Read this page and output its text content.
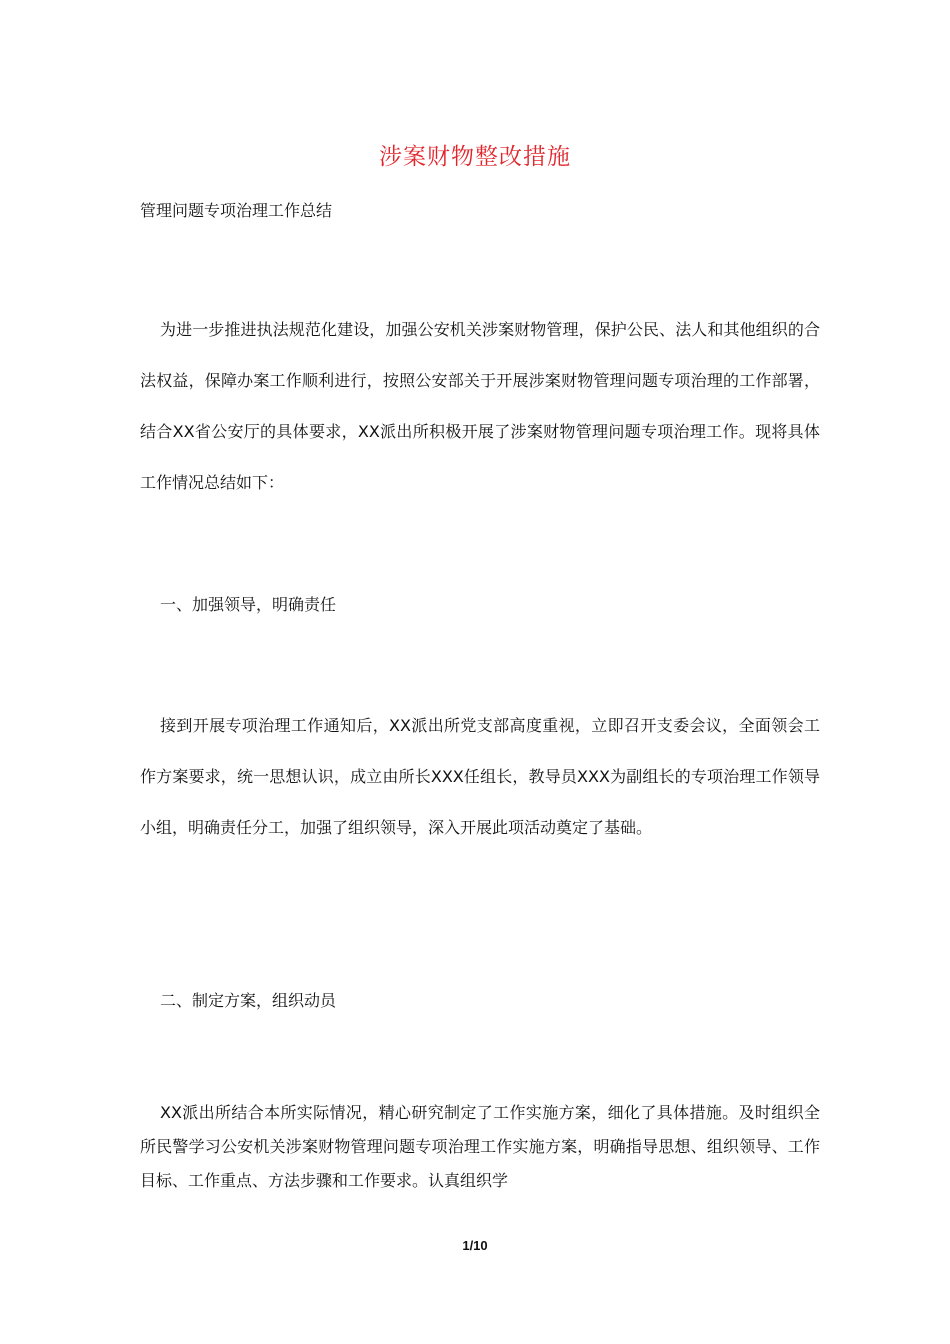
涉案财物整改措施
管理问题专项治理工作总结
为进一步推进执法规范化建设，加强公安机关涉案财物管理，保护公民、法人和其他组织的合法权益，保障办案工作顺利进行，按照公安部关于开展涉案财物管理问题专项治理的工作部署，结合XX省公安厅的具体要求，XX派出所积极开展了涉案财物管理问题专项治理工作。现将具体工作情况总结如下：
一、加强领导，明确责任
接到开展专项治理工作通知后，XX派出所党支部高度重视，立即召开支委会议，全面领会工作方案要求，统一思想认识，成立由所长XXX任组长，教导员XXX为副组长的专项治理工作领导小组，明确责任分工，加强了组织领导，深入开展此项活动奠定了基础。
二、制定方案，组织动员
XX派出所结合本所实际情况，精心研究制定了工作实施方案，细化了具体措施。及时组织全所民警学习公安机关涉案财物管理问题专项治理工作实施方案，明确指导思想、组织领导、工作目标、工作重点、方法步骤和工作要求。认真组织学
1/10
